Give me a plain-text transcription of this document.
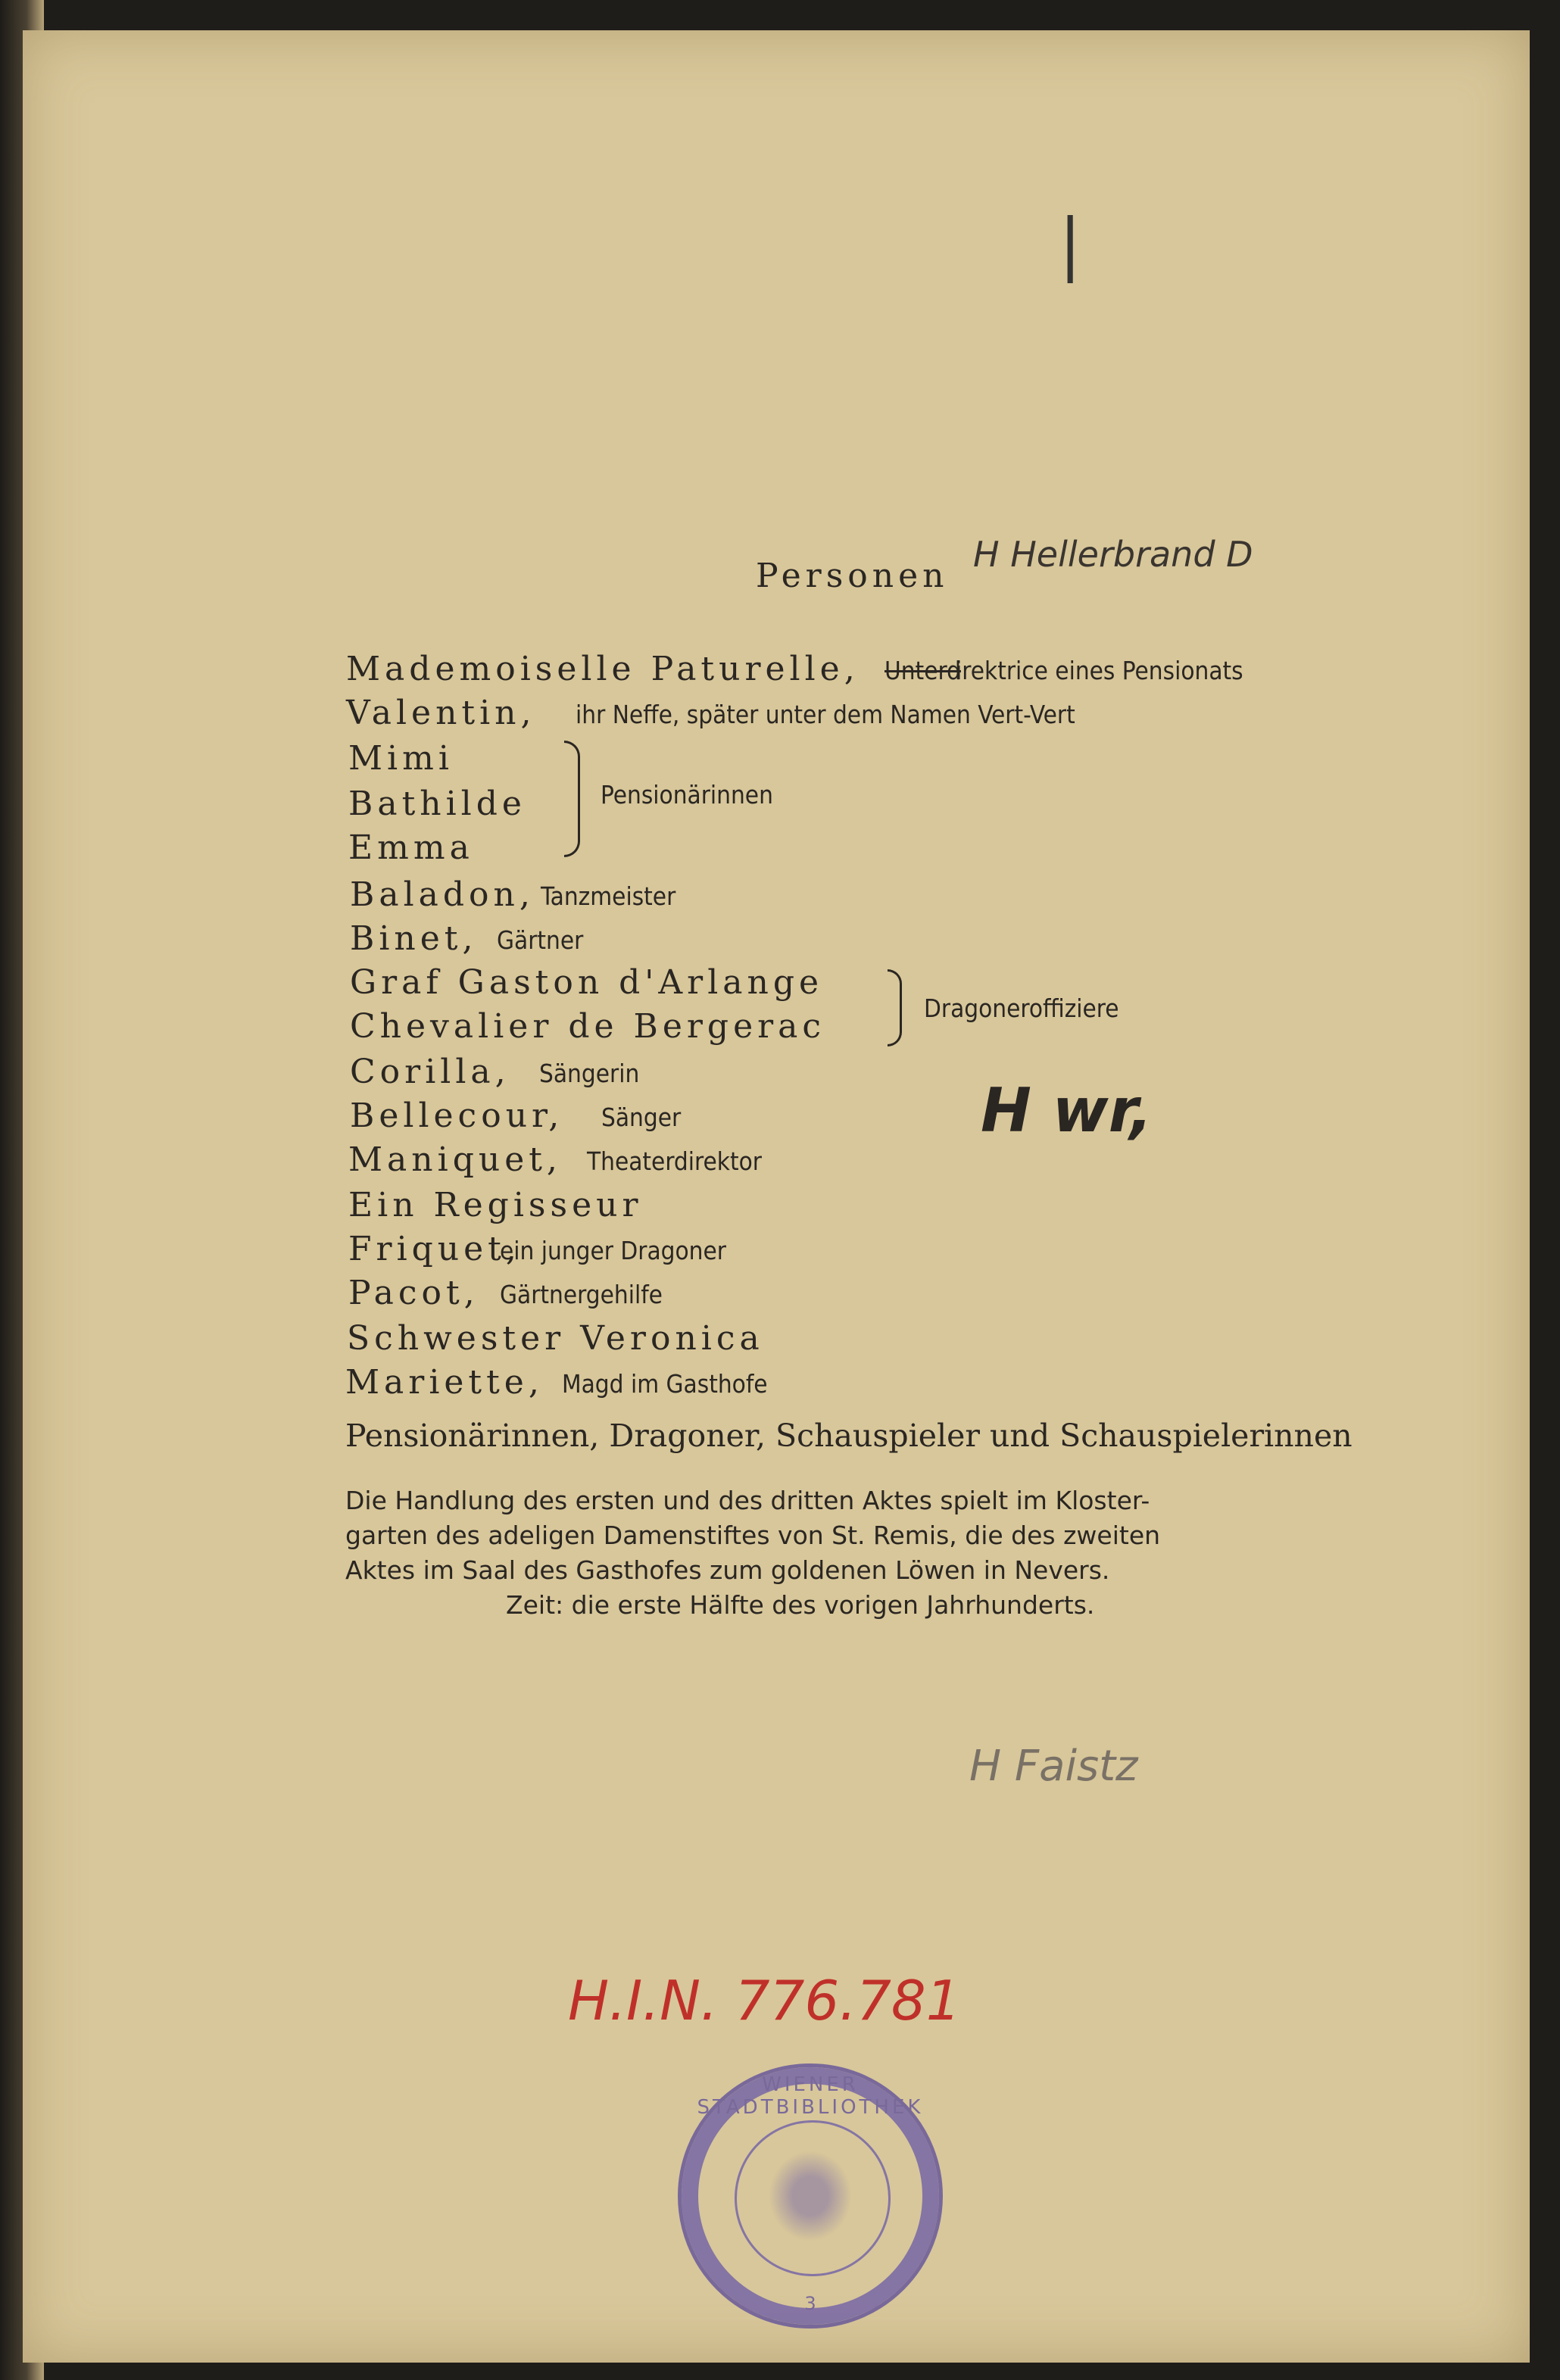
|
Personen
H Hellerbrand D
Mademoiselle Paturelle, Unterd
irektrice eines Pensionats
Valentin, ihr Neffe, später unter dem Namen Vert-Vert
Mimi
Bathilde
Emma
Pensionärinnen
Baladon, Tanzmeister
Binet, Gärtner
Graf Gaston d'Arlange
Chevalier de Bergerac	Dragoneroffiziere
Corilla, Sängerin
Bellecour, Sänger	H wr,
Maniquet, Theaterdirektor
Ein Regisseur
Friquet,
ein junger Dragoner
Pacot, Gärtnergehilfe
Schwester Veronica
Mariette, Magd im Gasthofe
Pensionärinnen, Dragoner, Schauspieler und Schauspielerinnen
Die Handlung des ersten und des dritten Aktes spielt im Kloster-
garten des adeligen Damenstiftes von St. Remis, die des zweiten
Aktes im Saal des Gasthofes zum goldenen Löwen in Nevers.
Zeit: die erste Hälfte des vorigen Jahrhunderts.
H Faistz
H.I.N. 776.781
WIENER STADTBIBLIOTHEK
3
